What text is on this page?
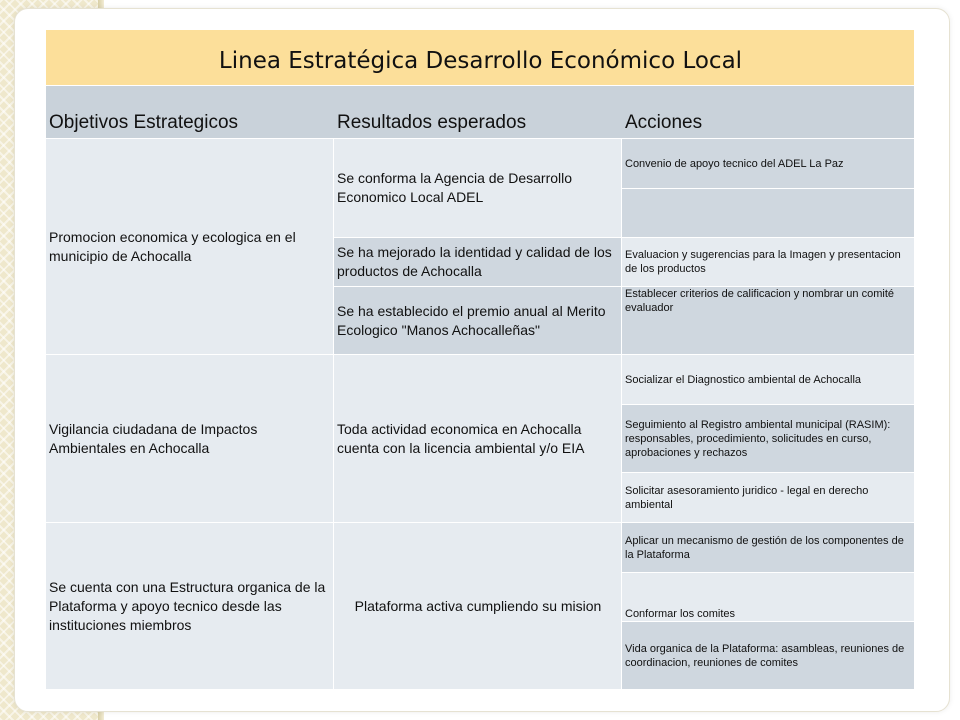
Linea Estratégica Desarrollo Económico Local		
Objetivos Estrategicos	Resultados esperados	Acciones
Promocion economica y ecologica en el municipio de Achocalla	Se conforma la Agencia de Desarrollo Economico Local ADEL	Convenio de apoyo tecnico del ADEL La Paz

	Se ha mejorado la identidad y calidad de los productos de Achocalla	Evaluacion y sugerencias para la Imagen y presentacion de los productos
	Se ha establecido el premio anual al Merito Ecologico "Manos Achocalleñas"	Establecer criterios de calificacion y nombrar un comité evaluador
Vigilancia ciudadana de Impactos Ambientales en Achocalla	Toda actividad economica en Achocalla cuenta con la licencia ambiental y/o EIA	Socializar el Diagnostico ambiental de Achocalla
		Seguimiento al Registro ambiental municipal (RASIM): responsables, procedimiento, solicitudes en curso, aprobaciones y rechazos
		Solicitar asesoramiento juridico - legal en derecho ambiental
Se cuenta con una Estructura organica de la Plataforma y apoyo tecnico desde las instituciones miembros	Plataforma activa cumpliendo su mision	Aplicar un mecanismo de gestión de los componentes de la Plataforma
		Conformar los comites
		Vida organica de la Plataforma: asambleas, reuniones de coordinacion, reuniones de comites
